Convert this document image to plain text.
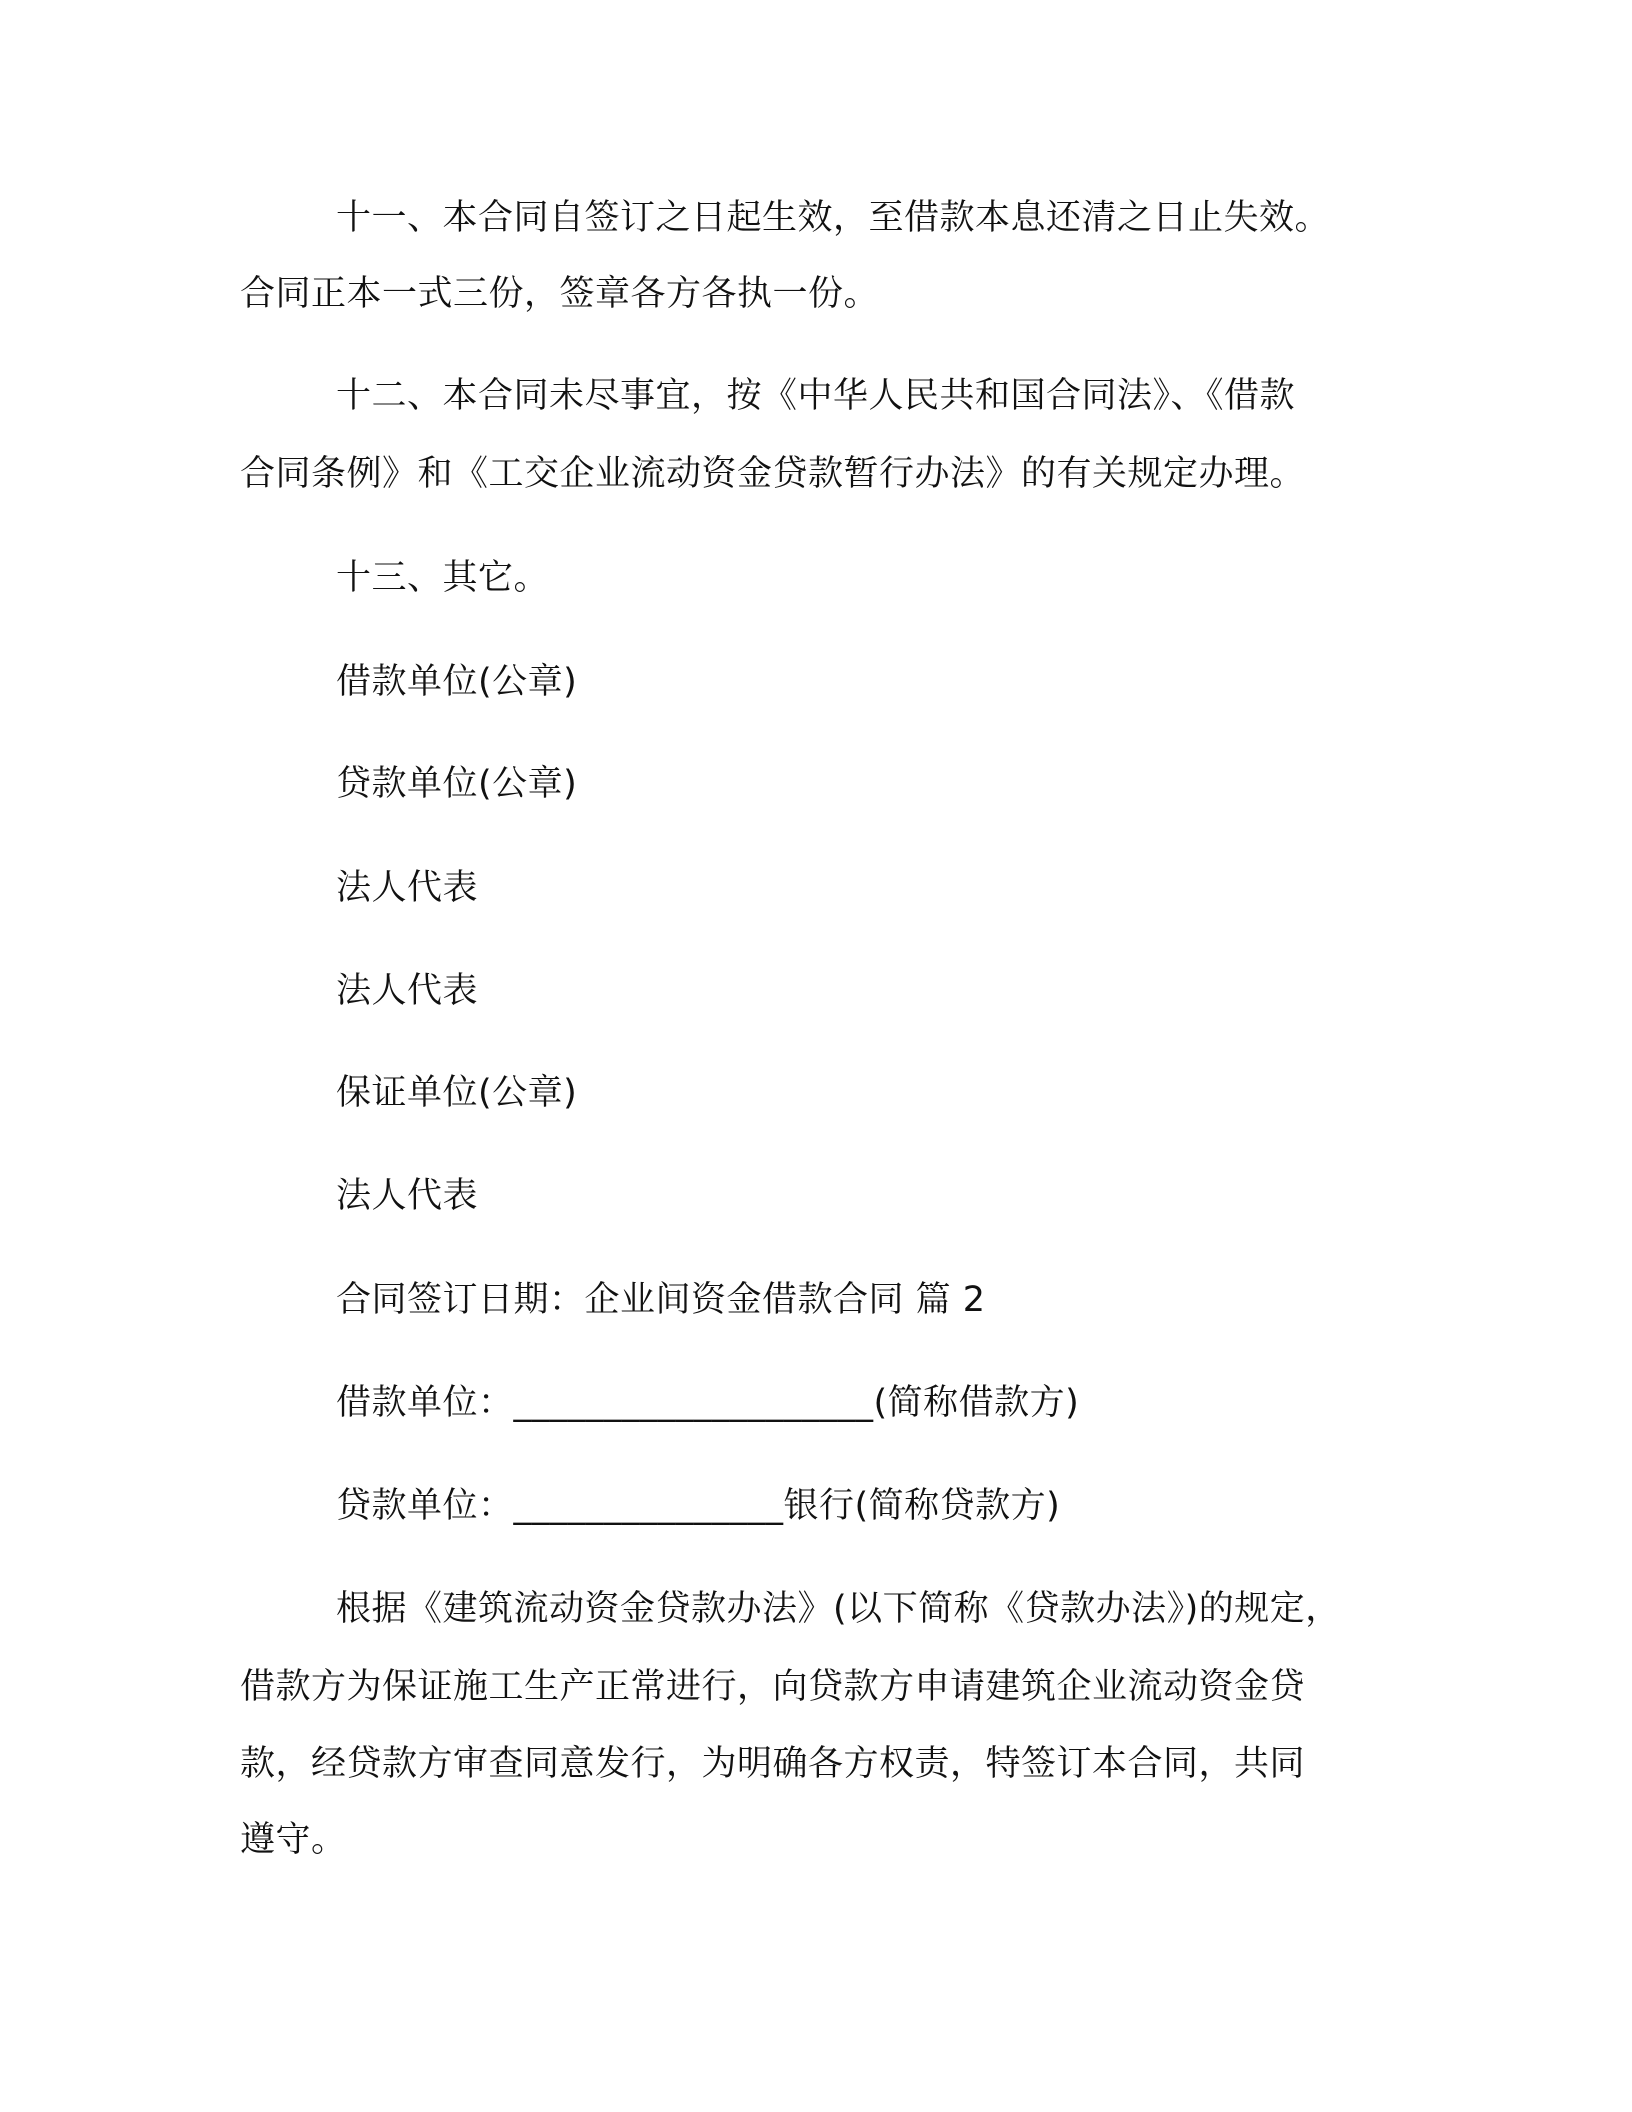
十一、本合同自签订之日起生效，至借款本息还清之日止失效。
合同正本一式三份，签章各方各执一份。
十二、本合同未尽事宜，按《中华人民共和国合同法》、《借款
合同条例》和《工交企业流动资金贷款暂行办法》的有关规定办理。
十三、其它。
借款单位(公章)
贷款单位(公章)
法人代表
法人代表
保证单位(公章)
法人代表
合同签订日期：企业间资金借款合同 篇 2
借款单位：____________________(简称借款方)
贷款单位：_______________银行(简称贷款方)
根据《建筑流动资金贷款办法》(以下简称《贷款办法》)的规定，
借款方为保证施工生产正常进行，向贷款方申请建筑企业流动资金贷
款，经贷款方审查同意发行，为明确各方权责，特签订本合同，共同
遵守。
